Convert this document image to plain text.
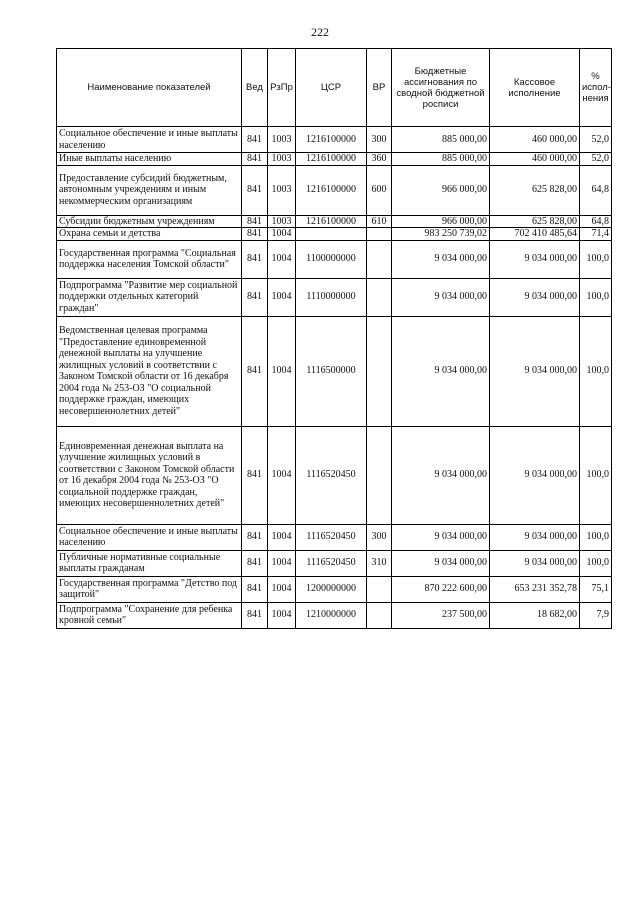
222
Наименование показателей	Вед	РзПр	ЦСР	ВР	Бюджетные ассигнования по сводной бюджетной росписи	Кассовое исполнение	% испол-нения
Социальное обеспечение и иные выплаты населению	841	1003	1216100000	300	885 000,00	460 000,00	52,0
Иные выплаты населению	841	1003	1216100000	360	885 000,00	460 000,00	52,0
Предоставление субсидий бюджетным, автономным учреждениям и иным некоммерческим организациям	841	1003	1216100000	600	966 000,00	625 828,00	64,8
Субсидии бюджетным учреждениям	841	1003	1216100000	610	966 000,00	625 828,00	64,8
Охрана семьи и детства	841	1004			983 250 739,02	702 410 485,64	71,4
Государственная программа "Социальная поддержка населения Томской области"	841	1004	1100000000		9 034 000,00	9 034 000,00	100,0
Подпрограмма "Развитие мер социальной поддержки отдельных категорий граждан"	841	1004	1110000000		9 034 000,00	9 034 000,00	100,0
Ведомственная целевая программа "Предоставление единовременной денежной выплаты на улучшение жилищных условий в соответствии с Законом Томской области от 16 декабря 2004 года № 253-ОЗ "О социальной поддержке граждан, имеющих несовершеннолетних детей"	841	1004	1116500000		9 034 000,00	9 034 000,00	100,0
Единовременная денежная выплата на улучшение жилищных условий в соответствии с Законом Томской области от 16 декабря 2004 года № 253-ОЗ "О социальной поддержке граждан, имеющих несовершеннолетних детей"	841	1004	1116520450		9 034 000,00	9 034 000,00	100,0
Социальное обеспечение и иные выплаты населению	841	1004	1116520450	300	9 034 000,00	9 034 000,00	100,0
Публичные нормативные социальные выплаты гражданам	841	1004	1116520450	310	9 034 000,00	9 034 000,00	100,0
Государственная программа "Детство под защитой"	841	1004	1200000000		870 222 600,00	653 231 352,78	75,1
Подпрограмма "Сохранение для ребенка кровной семьи"	841	1004	1210000000		237 500,00	18 682,00	7,9
